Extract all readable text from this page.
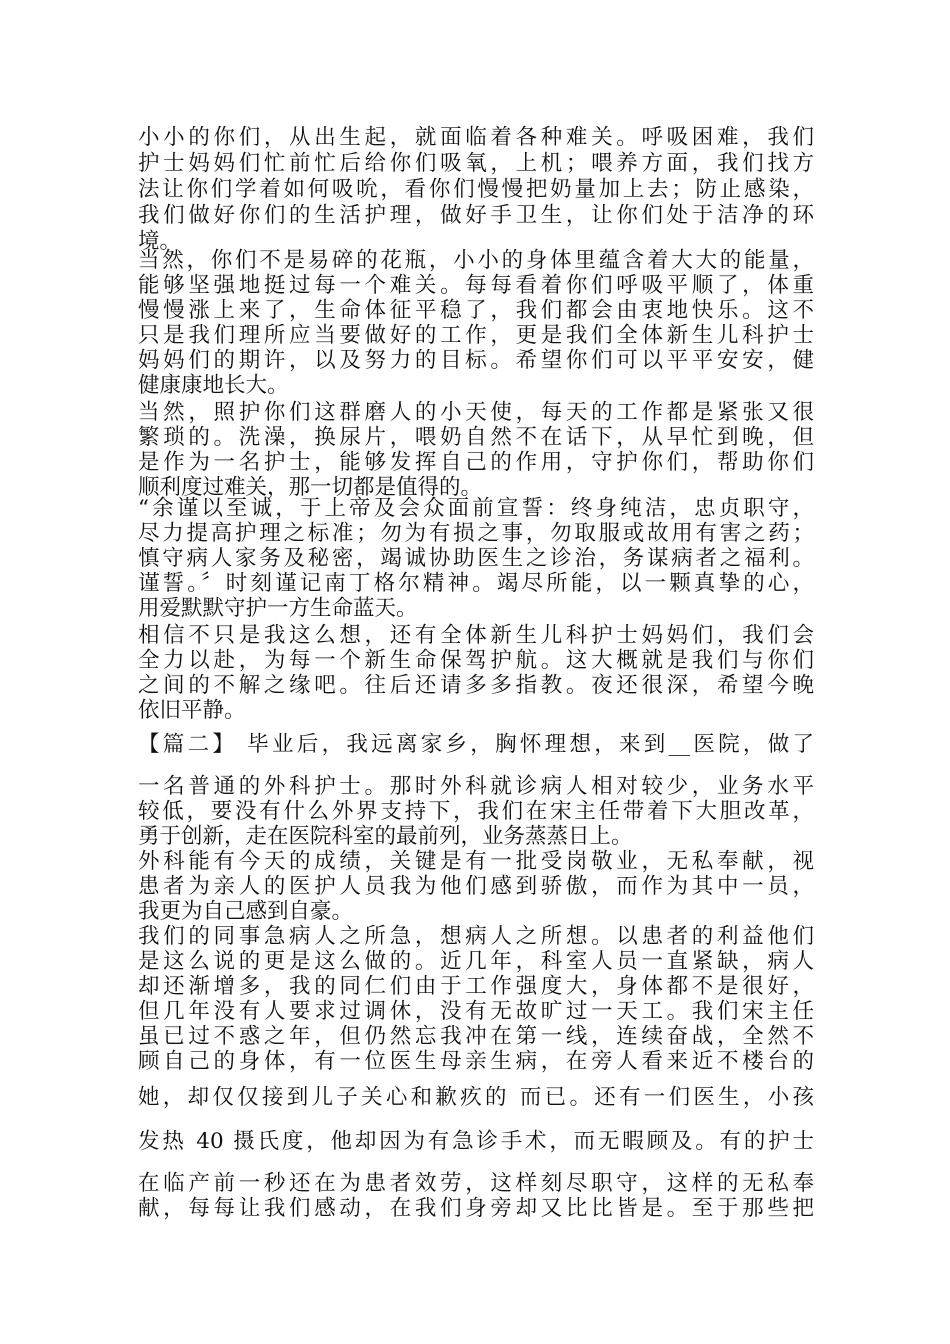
小小的你们，从出生起，就面临着各种难关。呼吸困难，我们
护士妈妈们忙前忙后给你们吸氧，上机；喂养方面，我们找方
法让你们学着如何吸吮，看你们慢慢把奶量加上去；防止感染，
我们做好你们的生活护理，做好手卫生，让你们处于洁净的环
境。
当然，你们不是易碎的花瓶，小小的身体里蕴含着大大的能量，
能够坚强地挺过每一个难关。每每看着你们呼吸平顺了，体重
慢慢涨上来了，生命体征平稳了，我们都会由衷地快乐。这不
只是我们理所应当要做好的工作，更是我们全体新生儿科护士
妈妈们的期许，以及努力的目标。希望你们可以平平安安，健
健康康地长大。
当然，照护你们这群磨人的小天使，每天的工作都是紧张又很
繁琐的。洗澡，换尿片，喂奶自然不在话下，从早忙到晚，但
是作为一名护士，能够发挥自己的作用，守护你们，帮助你们
顺利度过难关，那一切都是值得的。
“余谨以至诚，于上帝及会众面前宣誓：终身纯洁，忠贞职守，
尽力提高护理之标准；勿为有损之事，勿取服或故用有害之药；
慎守病人家务及秘密，竭诚协助医生之诊治，务谋病者之福利。
谨誓。〞时刻谨记南丁格尔精神。竭尽所能，以一颗真挚的心，
用爱默默守护一方生命蓝天。
相信不只是我这么想，还有全体新生儿科护士妈妈们，我们会
全力以赴，为每一个新生命保驾护航。这大概就是我们与你们
之间的不解之缘吧。往后还请多多指教。夜还很深，希望今晚
依旧平静。
【篇二】 毕业后，我远离家乡，胸怀理想，来到__医院，做了
一名普通的外科护士。那时外科就诊病人相对较少，业务水平
较低，要没有什么外界支持下，我们在宋主任带着下大胆改革，
勇于创新，走在医院科室的最前列，业务蒸蒸日上。
外科能有今天的成绩，关键是有一批受岗敬业，无私奉献，视
患者为亲人的医护人员我为他们感到骄傲，而作为其中一员，
我更为自己感到自豪。
我们的同事急病人之所急，想病人之所想。以患者的利益他们
是这么说的更是这么做的。近几年，科室人员一直紧缺，病人
却还渐增多，我的同仁们由于工作强度大，身体都不是很好，
但几年没有人要求过调休，没有无故旷过一天工。我们宋主任
虽已过不惑之年，但仍然忘我冲在第一线，连续奋战，全然不
顾自己的身体，有一位医生母亲生病，在旁人看来近不楼台的
她，却仅仅接到儿子关心和歉疚的 而已。还有一们医生，小孩
发热 40 摄氏度，他却因为有急诊手术，而无暇顾及。有的护士
在临产前一秒还在为患者效劳，这样刻尽职守，这样的无私奉
献，每每让我们感动，在我们身旁却又比比皆是。至于那些把
